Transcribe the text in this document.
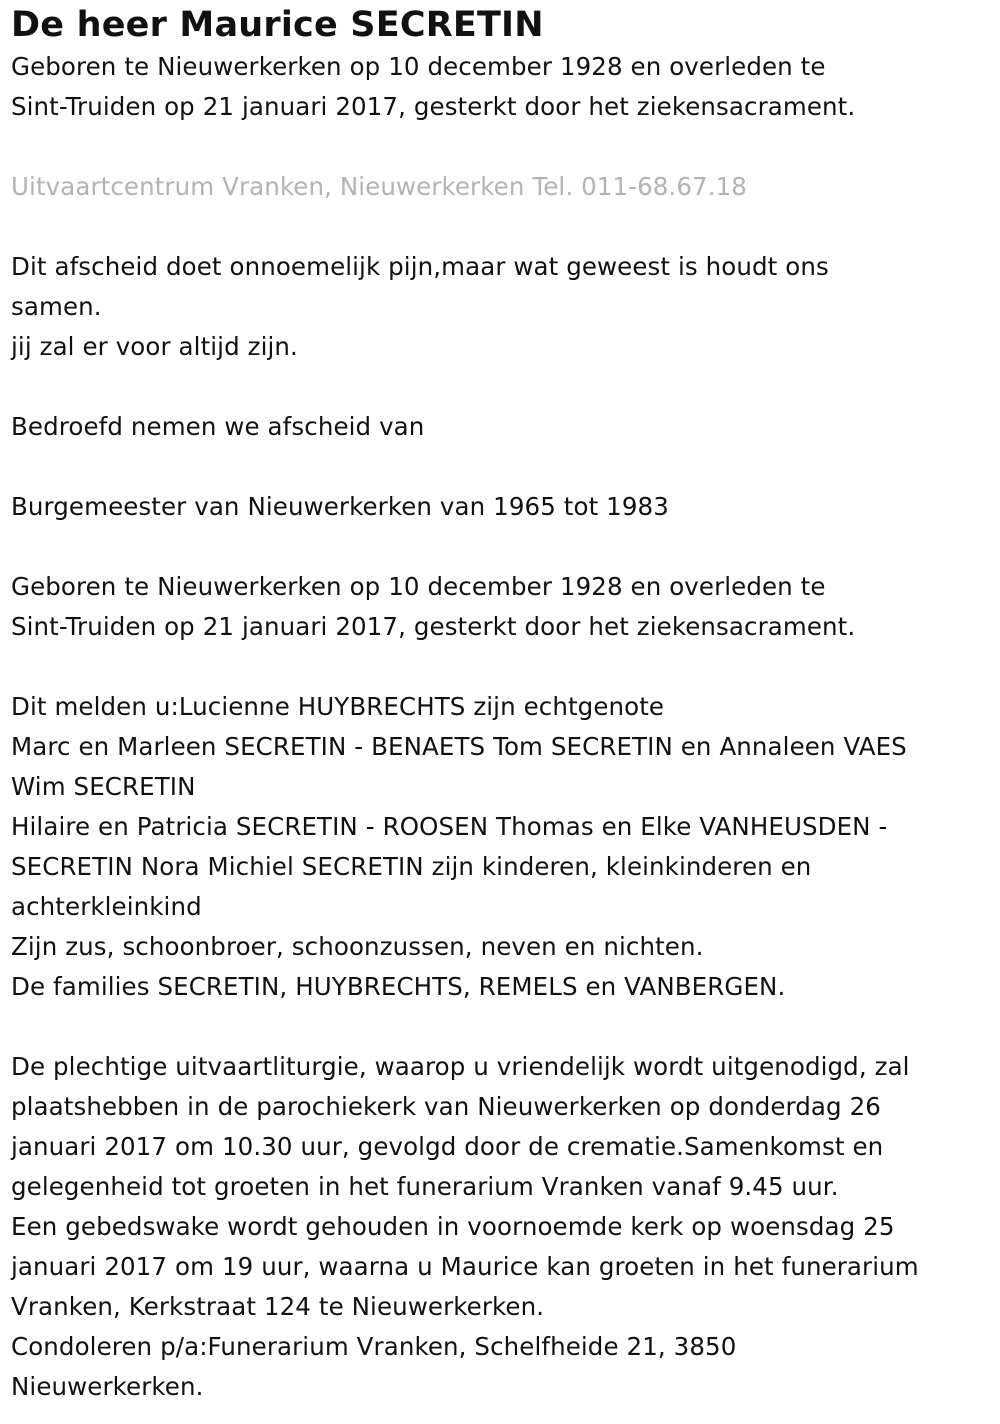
De heer Maurice SECRETIN
Geboren te Nieuwerkerken op 10 december 1928 en overleden te
Sint-Truiden op 21 januari 2017, gesterkt door het ziekensacrament.
Uitvaartcentrum Vranken, Nieuwerkerken Tel. 011-68.67.18
Dit afscheid doet onnoemelijk pijn,maar wat geweest is houdt ons
samen.
jij zal er voor altijd zijn.
Bedroefd nemen we afscheid van
Burgemeester van Nieuwerkerken van 1965 tot 1983
Geboren te Nieuwerkerken op 10 december 1928 en overleden te
Sint-Truiden op 21 januari 2017, gesterkt door het ziekensacrament.
Dit melden u:Lucienne HUYBRECHTS zijn echtgenote
Marc en Marleen SECRETIN - BENAETS Tom SECRETIN en Annaleen VAES
Wim SECRETIN
Hilaire en Patricia SECRETIN - ROOSEN Thomas en Elke VANHEUSDEN -
SECRETIN Nora Michiel SECRETIN zijn kinderen, kleinkinderen en
achterkleinkind
Zijn zus, schoonbroer, schoonzussen, neven en nichten.
De families SECRETIN, HUYBRECHTS, REMELS en VANBERGEN.
De plechtige uitvaartliturgie, waarop u vriendelijk wordt uitgenodigd, zal
plaatshebben in de parochiekerk van Nieuwerkerken op donderdag 26
januari 2017 om 10.30 uur, gevolgd door de crematie.Samenkomst en
gelegenheid tot groeten in het funerarium Vranken vanaf 9.45 uur.
Een gebedswake wordt gehouden in voornoemde kerk op woensdag 25
januari 2017 om 19 uur, waarna u Maurice kan groeten in het funerarium
Vranken, Kerkstraat 124 te Nieuwerkerken.
Condoleren p/a:Funerarium Vranken, Schelfheide 21, 3850
Nieuwerkerken.
